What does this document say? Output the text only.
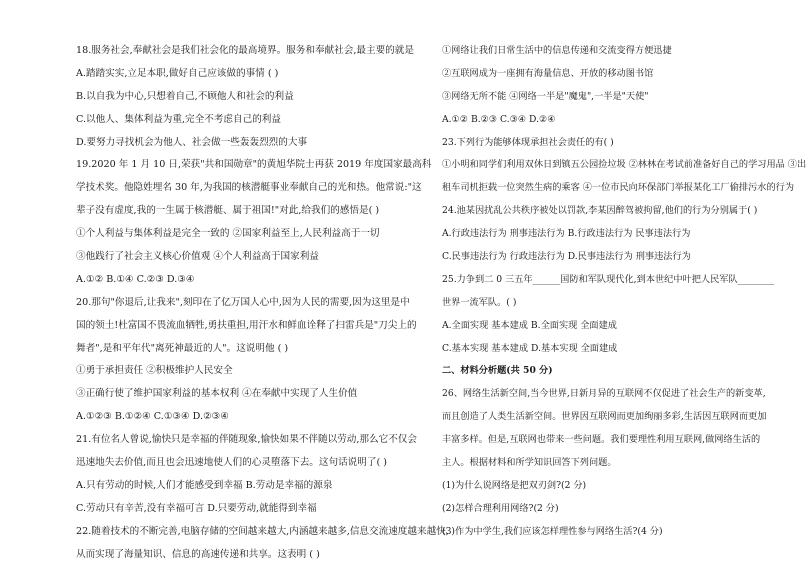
18.服务社会,奉献社会是我们社会化的最高境界。服务和奉献社会,最主要的就是
A.踏踏实实,立足本职,做好自己应该做的事情 ( )
B.以自我为中心,只想着自己,不顾他人和社会的利益
C.以他人、集体利益为重,完全不考虑自己的利益
D.要努力寻找机会为他人、社会做一些轰轰烈烈的大事
19.2020 年 1 月 10 日,荣获"共和国勋章"的黄旭华院士再获 2019 年度国家最高科
学技术奖。他隐姓埋名 30 年,为我国的核潜艇事业奉献自己的光和热。他常说:"这
辈子没有虚度,我的一生属于核潜艇、属于祖国!"对此,给我们的感悟是( )
①个人利益与集体利益是完全一致的 ②国家利益至上,人民利益高于一切
③他践行了社会主义核心价值观 ④个人利益高于国家利益
A.①② B.①④ C.②③ D.③④
20.那句"你退后,让我来",刻印在了亿万国人心中,因为人民的需要,因为这里是中
国的领土!杜富国不畏流血牺牲,勇扶重担,用汗水和鲜血诠释了扫雷兵是"刀尖上的
舞者",是和平年代"离死神最近的人"。这说明他 ( )
①勇于承担责任 ②积极维护人民安全
③正确行使了维护国家利益的基本权利 ④在奉献中实现了人生价值
A.①②③ B.①②④ C.①③④ D.②③④
21.有位名人曾说,愉快只是幸福的伴随现象,愉快如果不伴随以劳动,那么它不仅会
迅速地失去价值,而且也会迅速地使人们的心灵堕落下去。这句话说明了( )
A.只有劳动的时候,人们才能感受到幸福 B.劳动是幸福的源泉
C.劳动只有辛苦,没有幸福可言 D.只要劳动,就能得到幸福
22.随着技术的不断完善,电脑存储的空间越来越大,内涵越来越多,信息交流速度越来越快,
从而实现了海量知识、信息的高速传递和共享。这表明 ( )
①网络让我们日常生活中的信息传递和交流变得方便迅捷
②互联网成为一座拥有海量信息、开放的移动图书馆
③网络无所不能 ④网络一半是"魔鬼",一半是"天使"
A.①② B.②③ C.③④ D.②④
23.下列行为能够体现承担社会责任的有( )
①小明和同学们利用双休日到镇五公园捡垃圾 ②林林在考试前准备好自己的学习用品 ③出
租车司机拒载一位突然生病的乘客 ④一位市民向环保部门举报某化工厂偷排污水的行为
24.池某因扰乱公共秩序被处以罚款,李某因醉驾被拘留,他们的行为分别属于( )
A.行政违法行为 刑事违法行为 B.行政违法行为 民事违法行为
C.民事违法行为 行政违法行为 D.民事违法行为 刑事违法行为
25.力争到二 0 三五年______国防和军队现代化,到本世纪中叶把人民军队________
世界一流军队。( )
A.全面实现 基本建成 B.全面实现 全面建成
C.基本实现 基本建成 D.基本实现 全面建成
二、材料分析题(共 50 分)
26、网络生活新空间,当今世界,日新月异的互联网不仅促进了社会生产的新变革,
而且创造了人类生活新空间。世界因互联网而更加绚丽多彩,生活因互联网而更加
丰富多样。但是,互联网也带来一些问题。我们要理性利用互联网,做网络生活的
主人。根据材料和所学知识回答下列问题。
(1)为什么说网络是把双刃剑?(2 分)
(2)怎样合理利用网络?(2 分)
(3)作为中学生,我们应该怎样理性参与网络生活?(4 分)
